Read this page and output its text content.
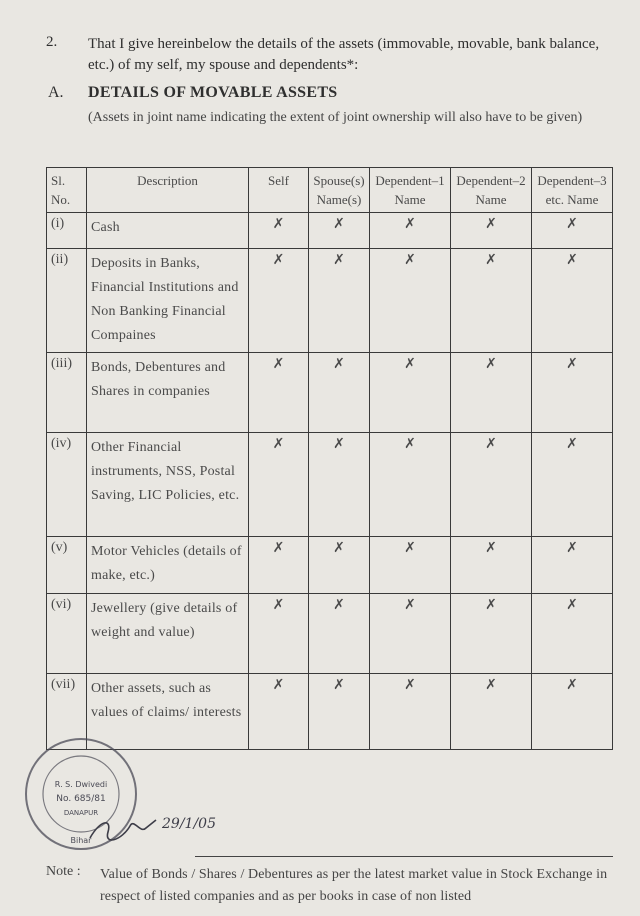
2. That I give hereinbelow the details of the assets (immovable, movable, bank balance, etc.) of my self, my spouse and dependents*:
A. DETAILS OF MOVABLE ASSETS
(Assets in joint name indicating the extent of joint ownership will also have to be given)
Sl. No.	Description	Self	Spouse(s) Name(s)	Dependent–1 Name	Dependent–2 Name	Dependent–3 etc. Name
(i)	Cash	✗	✗	✗	✗	✗
(ii)	Deposits in Banks, Financial Institutions and Non Banking Financial Compaines	✗	✗	✗	✗	✗
(iii)	Bonds, Debentures and Shares in companies	✗	✗	✗	✗	✗
(iv)	Other Financial instruments, NSS, Postal Saving, LIC Policies, etc.	✗	✗	✗	✗	✗
(v)	Motor Vehicles (details of make, etc.)	✗	✗	✗	✗	✗
(vi)	Jewellery (give details of weight and value)	✗	✗	✗	✗	✗
(vii)	Other assets, such as values of claims/ interests	✗	✗	✗	✗	✗
R. S. Dwivedi
No. 685/81
DANAPUR
Bihar
29/1/05
Note : Value of Bonds / Shares / Debentures as per the latest market value in Stock Exchange in respect of listed companies and as per books in case of non listed
